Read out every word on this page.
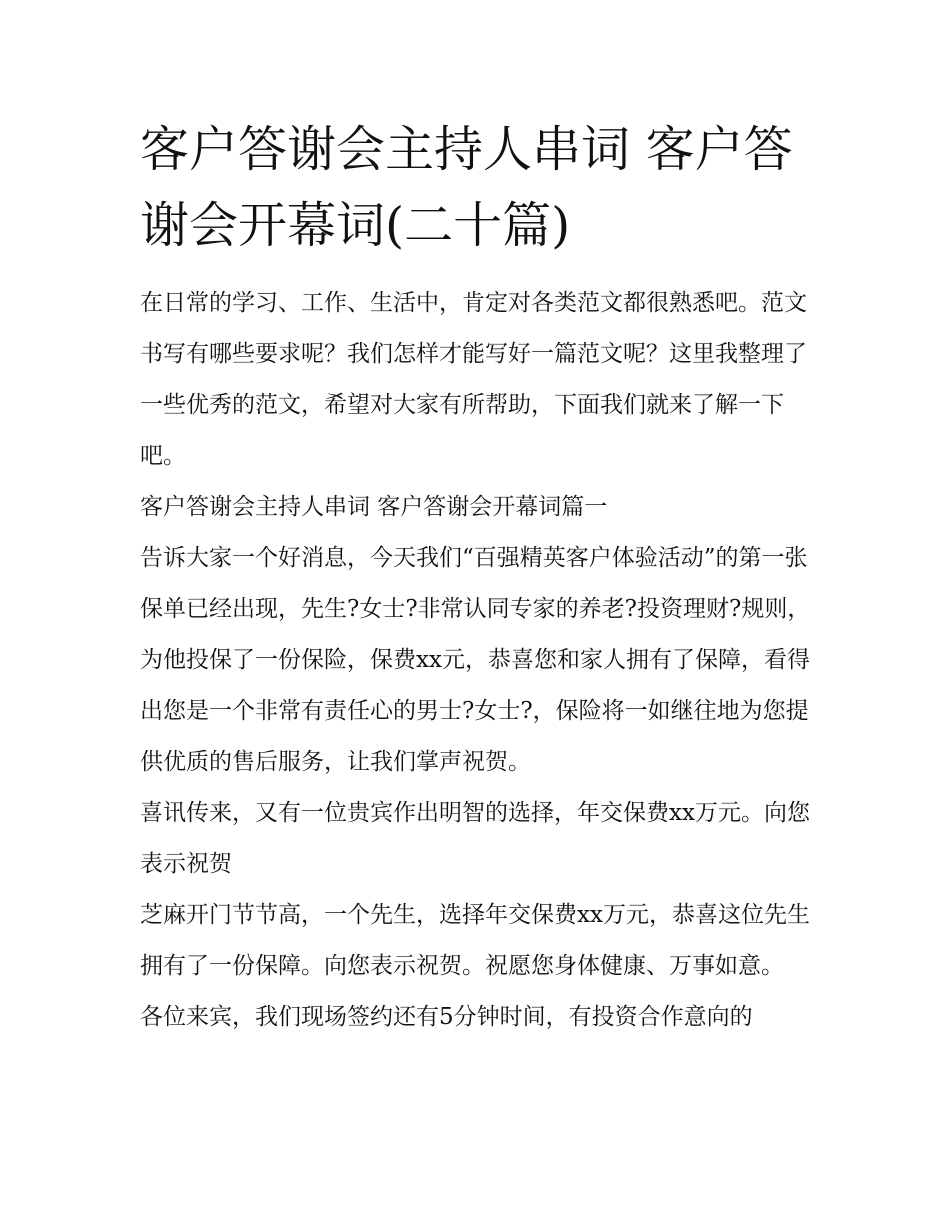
客户答谢会主持人串词 客户答谢会开幕词(二十篇)

在日常的学习、工作、生活中，肯定对各类范文都很熟悉吧。范文书写有哪些要求呢？我们怎样才能写好一篇范文呢？这里我整理了一些优秀的范文，希望对大家有所帮助，下面我们就来了解一下吧。

客户答谢会主持人串词 客户答谢会开幕词篇一

告诉大家一个好消息，今天我们“百强精英客户体验活动”的第一张保单已经出现，先生?女士?非常认同专家的养老?投资理财?规则，为他投保了一份保险，保费xx元，恭喜您和家人拥有了保障，看得出您是一个非常有责任心的男士?女士?，保险将一如继往地为您提供优质的售后服务，让我们掌声祝贺。

喜讯传来，又有一位贵宾作出明智的选择，年交保费xx万元。向您表示祝贺

芝麻开门节节高，一个先生，选择年交保费xx万元，恭喜这位先生拥有了一份保障。向您表示祝贺。祝愿您身体健康、万事如意。

各位来宾，我们现场签约还有5分钟时间，有投资合作意向的
